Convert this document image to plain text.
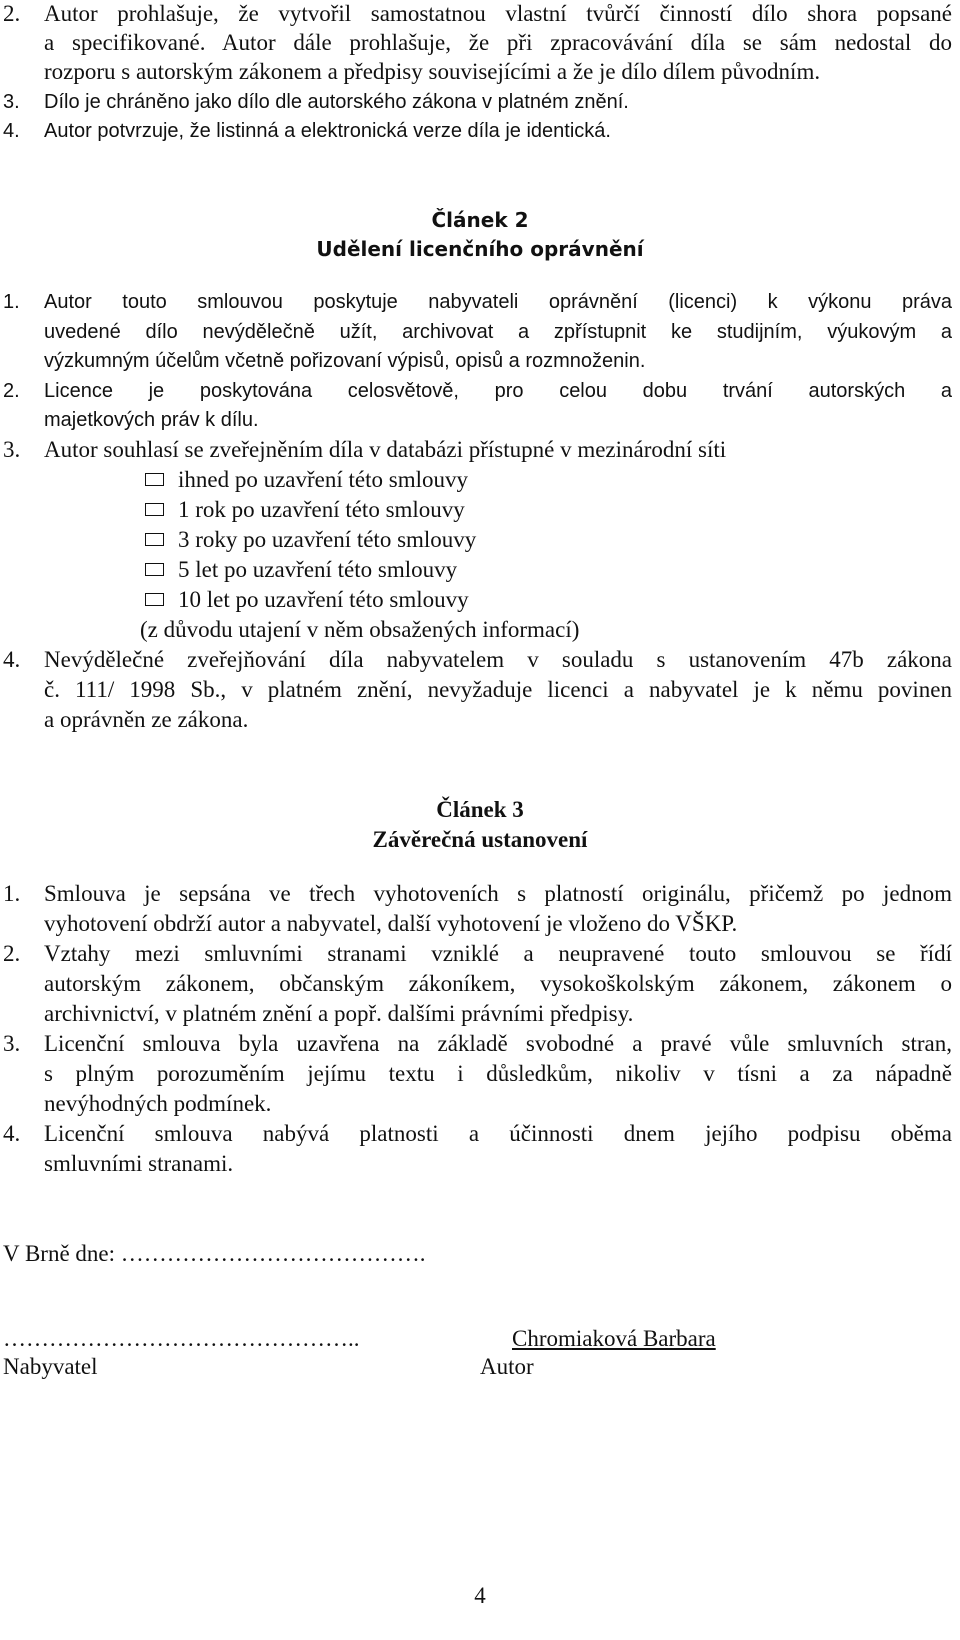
2. Autor prohlašuje, že vytvořil samostatnou vlastní tvůrčí činností dílo shora popsané
a specifikované. Autor dále prohlašuje, že při zpracovávání díla se sám nedostal do
rozporu s autorským zákonem a předpisy souvisejícími a že je dílo dílem původním.
3. Dílo je chráněno jako dílo dle autorského zákona v platném znění.
4. Autor potvrzuje, že listinná a elektronická verze díla je identická.
Článek 2
Udělení licenčního oprávnění
1. Autor touto smlouvou poskytuje nabyvateli oprávnění (licenci) k výkonu práva
uvedené dílo nevýdělečně užít, archivovat a zpřístupnit ke studijním, výukovým a
výzkumným účelům včetně pořizovaní výpisů, opisů a rozmnoženin.
2. Licence je poskytována celosvětově, pro celou dobu trvání autorských a
majetkových práv k dílu.
3. Autor souhlasí se zveřejněním díla v databázi přístupné v mezinárodní síti
ihned po uzavření této smlouvy
1 rok po uzavření této smlouvy
3 roky po uzavření této smlouvy
5 let po uzavření této smlouvy
10 let po uzavření této smlouvy
(z důvodu utajení v něm obsažených informací)
4. Nevýdělečné zveřejňování díla nabyvatelem v souladu s ustanovením 47b zákona
č. 111/ 1998 Sb., v platném znění, nevyžaduje licenci a nabyvatel je k němu povinen
a oprávněn ze zákona.
Článek 3
Závěrečná ustanovení
1. Smlouva je sepsána ve třech vyhotoveních s platností originálu, přičemž po jednom
vyhotovení obdrží autor a nabyvatel, další vyhotovení je vloženo do VŠKP.
2. Vztahy mezi smluvními stranami vzniklé a neupravené touto smlouvou se řídí
autorským zákonem, občanským zákoníkem, vysokoškolským zákonem, zákonem o
archivnictví, v platném znění a popř. dalšími právními předpisy.
3. Licenční smlouva byla uzavřena na základě svobodné a pravé vůle smluvních stran,
s plným porozuměním jejímu textu i důsledkům, nikoliv v tísni a za nápadně
nevýhodných podmínek.
4. Licenční smlouva nabývá platnosti a účinnosti dnem jejího podpisu oběma
smluvními stranami.
V Brně dne: ………………………………….
………………………………………..	Chromiaková Barbara
Nabyvatel	Autor
4
